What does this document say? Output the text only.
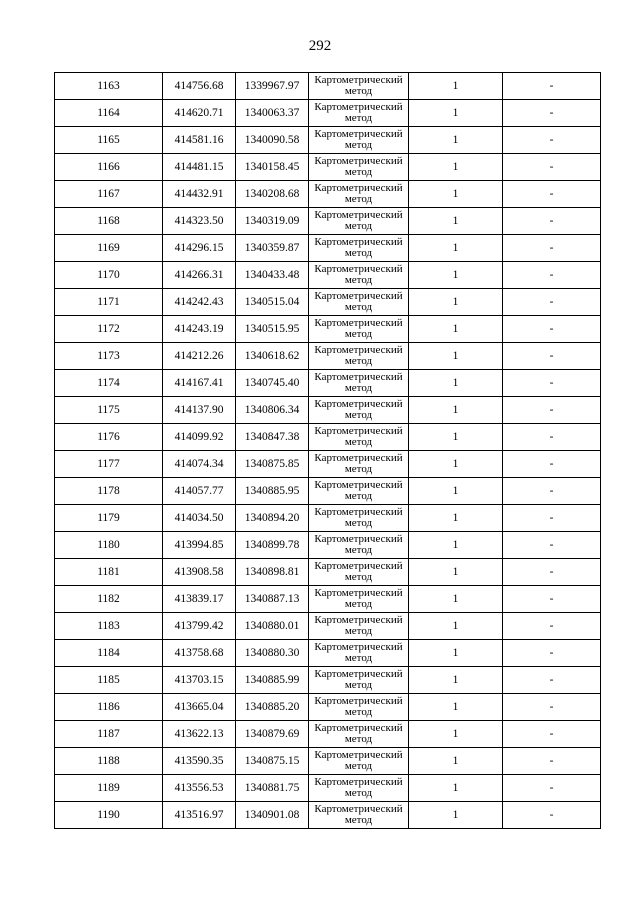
292
1163	414756.68	1339967.97	Картометрический метод	1	-
1164	414620.71	1340063.37	Картометрический метод	1	-
1165	414581.16	1340090.58	Картометрический метод	1	-
1166	414481.15	1340158.45	Картометрический метод	1	-
1167	414432.91	1340208.68	Картометрический метод	1	-
1168	414323.50	1340319.09	Картометрический метод	1	-
1169	414296.15	1340359.87	Картометрический метод	1	-
1170	414266.31	1340433.48	Картометрический метод	1	-
1171	414242.43	1340515.04	Картометрический метод	1	-
1172	414243.19	1340515.95	Картометрический метод	1	-
1173	414212.26	1340618.62	Картометрический метод	1	-
1174	414167.41	1340745.40	Картометрический метод	1	-
1175	414137.90	1340806.34	Картометрический метод	1	-
1176	414099.92	1340847.38	Картометрический метод	1	-
1177	414074.34	1340875.85	Картометрический метод	1	-
1178	414057.77	1340885.95	Картометрический метод	1	-
1179	414034.50	1340894.20	Картометрический метод	1	-
1180	413994.85	1340899.78	Картометрический метод	1	-
1181	413908.58	1340898.81	Картометрический метод	1	-
1182	413839.17	1340887.13	Картометрический метод	1	-
1183	413799.42	1340880.01	Картометрический метод	1	-
1184	413758.68	1340880.30	Картометрический метод	1	-
1185	413703.15	1340885.99	Картометрический метод	1	-
1186	413665.04	1340885.20	Картометрический метод	1	-
1187	413622.13	1340879.69	Картометрический метод	1	-
1188	413590.35	1340875.15	Картометрический метод	1	-
1189	413556.53	1340881.75	Картометрический метод	1	-
1190	413516.97	1340901.08	Картометрический метод	1	-
